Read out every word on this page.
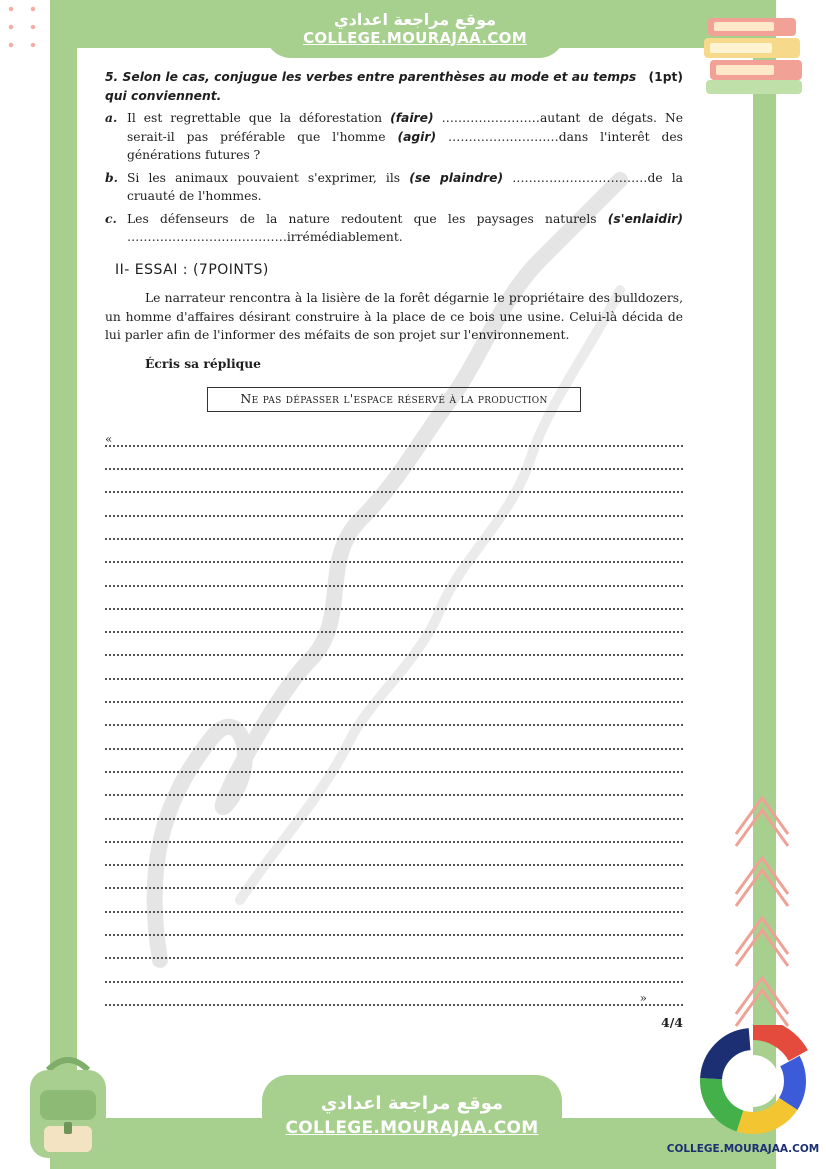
موقع مراجعة اعدادي
COLLEGE.MOURAJAA.COM
(1pt)
5. Selon le cas, conjugue les verbes entre parenthèses au mode et au temps qui conviennent.
a. Il est regrettable que la déforestation (faire) ……………………autant de dégats. Ne serait-il pas préférable que l'homme (agir) ………………………dans l'interêt des générations futures ?
b. Si les animaux pouvaient s'exprimer, ils (se plaindre) ……………………………de la cruauté de l'hommes.
c. Les défenseurs de la nature redoutent que les paysages naturels (s'enlaidir) …………………………………irrémédiablement.
II- ESSAI : (7POINTS)
Le narrateur rencontra à la lisière de la forêt dégarnie le propriétaire des bulldozers, un homme d'affaires désirant construire à la place de ce bois une usine. Celui-là décida de lui parler afin de l'informer des méfaits de son projet sur l'environnement.
Écris sa réplique
Ne pas dépasser l'espace réservé à la production
«
»
4/4
موقع مراجعة اعدادي
COLLEGE.MOURAJAA.COM
COLLEGE.MOURAJAA.COM
